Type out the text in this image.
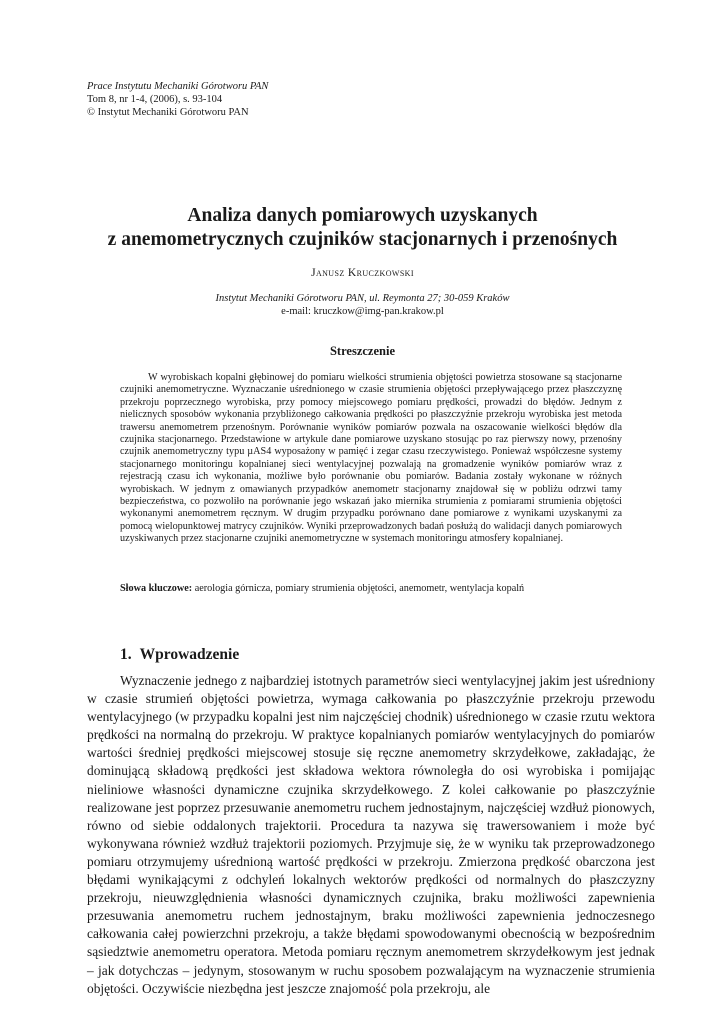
Prace Instytutu Mechaniki Górotworu PAN
Tom 8, nr 1-4, (2006), s. 93-104
© Instytut Mechaniki Górotworu PAN
Analiza danych pomiarowych uzyskanych
z anemometrycznych czujników stacjonarnych i przenośnych
Janusz Kruczkowski
Instytut Mechaniki Górotworu PAN, ul. Reymonta 27; 30-059 Kraków
e-mail: kruczkow@img-pan.krakow.pl
Streszczenie

W wyrobiskach kopalni głębinowej do pomiaru wielkości strumienia objętości powietrza stosowane są stacjonarne czujniki anemometryczne. Wyznaczanie uśrednionego w czasie strumienia objętości przepływającego przez płaszczyznę przekroju poprzecznego wyrobiska, przy pomocy miejscowego pomiaru prędkości, prowadzi do błędów. Jednym z nielicznych sposobów wykonania przybliżonego całkowania prędkości po płaszczyźnie przekroju wyrobiska jest metoda trawersu anemometrem przenośnym. Porównanie wyników pomiarów pozwala na oszacowanie wielkości błędów dla czujnika stacjonarnego. Przedstawione w artykule dane pomiarowe uzyskano stosując po raz pierwszy nowy, przenośny czujnik anemometryczny typu µAS4 wyposażony w pamięć i zegar czasu rzeczywistego. Ponieważ współczesne systemy stacjonarnego monitoringu kopalnianej sieci wentylacyjnej pozwalają na gromadzenie wyników pomiarów wraz z rejestracją czasu ich wykonania, możliwe było porównanie obu pomiarów. Badania zostały wykonane w różnych wyrobiskach. W jednym z omawianych przypadków anemometr stacjonarny znajdował się w pobliżu odrzwi tamy bezpieczeństwa, co pozwoliło na porównanie jego wskazań jako miernika strumienia z pomiarami strumienia objętości wykonanymi anemometrem ręcznym. W drugim przypadku porównano dane pomiarowe z wynikami uzyskanymi za pomocą wielopunktowej matrycy czujników. Wyniki przeprowadzonych badań posłużą do walidacji danych pomiarowych uzyskiwanych przez stacjonarne czujniki anemometryczne w systemach monitoringu atmosfery kopalnianej.

Słowa kluczowe: aerologia górnicza, pomiary strumienia objętości, anemometr, wentylacja kopalń
1. Wprowadzenie

Wyznaczenie jednego z najbardziej istotnych parametrów sieci wentylacyjnej jakim jest uśredniony w czasie strumień objętości powietrza, wymaga całkowania po płaszczyźnie przekroju przewodu wentylacyjnego (w przypadku kopalni jest nim najczęściej chodnik) uśrednionego w czasie rzutu wektora prędkości na normalną do przekroju. W praktyce kopalnianych pomiarów wentylacyjnych do pomiarów wartości średniej prędkości miejscowej stosuje się ręczne anemometry skrzydełkowe, zakładając, że dominującą składową prędkości jest składowa wektora równoległa do osi wyrobiska i pomijając nieliniowe własności dynamiczne czujnika skrzydełkowego. Z kolei całkowanie po płaszczyźnie realizowane jest poprzez przesuwanie anemometru ruchem jednostajnym, najczęściej wzdłuż pionowych, równo od siebie oddalonych trajektorii. Procedura ta nazywa się trawersowaniem i może być wykonywana również wzdłuż trajektorii poziomych. Przyjmuje się, że w wyniku tak przeprowadzonego pomiaru otrzymujemy uśrednioną wartość prędkości w przekroju. Zmierzona prędkość obarczona jest błędami wynikającymi z odchyleń lokalnych wektorów prędkości od normalnych do płaszczyzny przekroju, nieuwzględnienia własności dynamicznych czujnika, braku możliwości zapewnienia przesuwania anemometru ruchem jednostajnym, braku możliwości zapewnienia jednoczesnego całkowania całej powierzchni przekroju, a także błędami spowodowanymi obecnością w bezpośrednim sąsiedztwie anemometru operatora. Metoda pomiaru ręcznym anemometrem skrzydełkowym jest jednak – jak dotychczas – jedynym, stosowanym w ruchu sposobem pozwalającym na wyznaczenie strumienia objętości. Oczywiście niezbędna jest jeszcze znajomość pola przekroju, ale
